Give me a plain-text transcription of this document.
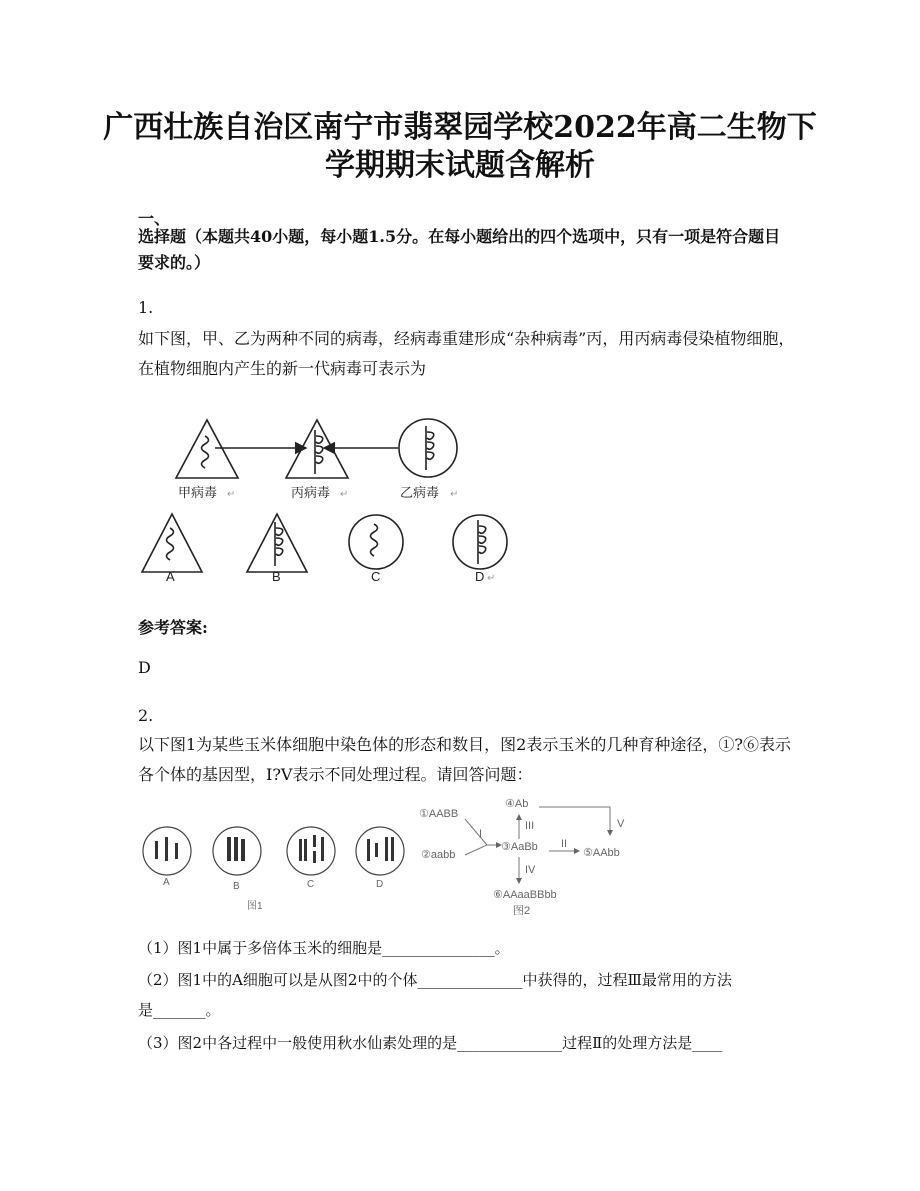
广西壮族自治区南宁市翡翠园学校2022年高二生物下
学期期末试题含解析
一、
选择题（本题共40小题，每小题1.5分。在每小题给出的四个选项中，只有一项是符合题目要求的。）
1.
如下图，甲、乙为两种不同的病毒，经病毒重建形成“杂种病毒”丙，用丙病毒侵染植物细胞，在植物细胞内产生的新一代病毒可表示为
甲病毒	丙病毒	乙病毒
A	B	C	D
↵	↵	↵
↵
参考答案:
D
2.
以下图1为某些玉米体细胞中染色体的形态和数目，图2表示玉米的几种育种途径，①?⑥表示各个体的基因型，Ⅰ?Ⅴ表示不同处理过程。请回答问题：
A	B	C	D
图1
①AABB
②aabb
③AaBb
④Ab
⑤AAbb
⑥AAaaBBbb
I
II
III
IV
V
图2
（1）图1中属于多倍体玉米的细胞是_______________。
（2）图1中的A细胞可以是从图2中的个体______________中获得的，过程Ⅲ最常用的方法
是_______。
（3）图2中各过程中一般使用秋水仙素处理的是______________过程Ⅱ的处理方法是____
